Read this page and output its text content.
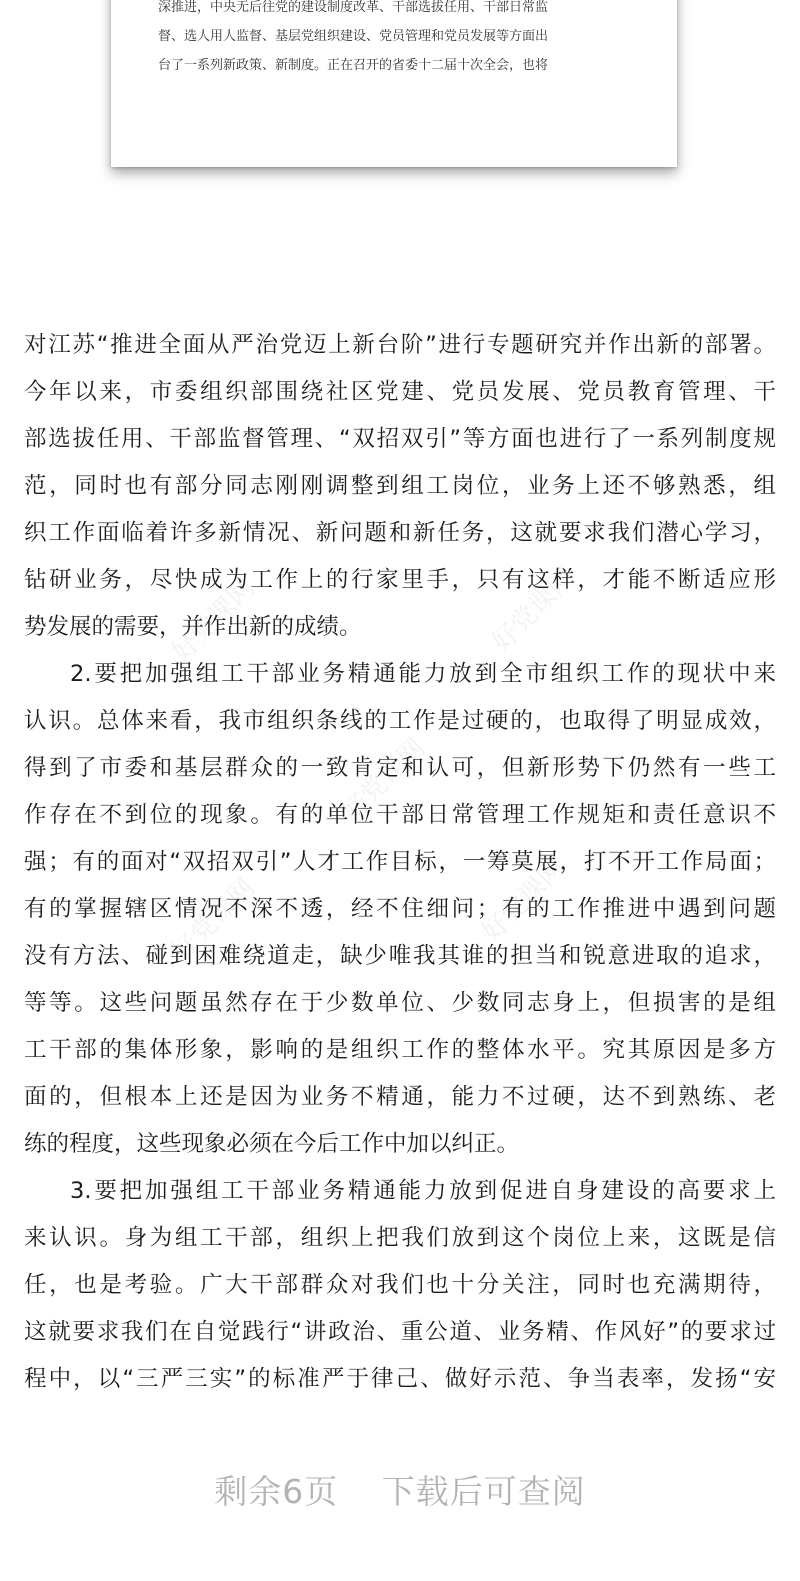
深推进，中央无后往党的建设制度改革、干部选拔任用、干部日常监
督、选人用人监督、基层党组织建设、党员管理和党员发展等方面出
台了一系列新政策、新制度。正在召开的省委十二届十次全会，也将
好党课网	好党课网
好党课网
好党课网	好党课网
对江苏“推进全面从严治党迈上新台阶”进行专题研究并作出新的部署。
今年以来，市委组织部围绕社区党建、党员发展、党员教育管理、干
部选拔任用、干部监督管理、“双招双引”等方面也进行了一系列制度规
范，同时也有部分同志刚刚调整到组工岗位，业务上还不够熟悉，组
织工作面临着许多新情况、新问题和新任务，这就要求我们潜心学习，
钻研业务，尽快成为工作上的行家里手，只有这样，才能不断适应形
势发展的需要，并作出新的成绩。
2.要把加强组工干部业务精通能力放到全市组织工作的现状中来
认识。总体来看，我市组织条线的工作是过硬的，也取得了明显成效，
得到了市委和基层群众的一致肯定和认可，但新形势下仍然有一些工
作存在不到位的现象。有的单位干部日常管理工作规矩和责任意识不
强；有的面对“双招双引”人才工作目标，一筹莫展，打不开工作局面；
有的掌握辖区情况不深不透，经不住细问；有的工作推进中遇到问题
没有方法、碰到困难绕道走，缺少唯我其谁的担当和锐意进取的追求，
等等。这些问题虽然存在于少数单位、少数同志身上，但损害的是组
工干部的集体形象，影响的是组织工作的整体水平。究其原因是多方
面的，但根本上还是因为业务不精通，能力不过硬，达不到熟练、老
练的程度，这些现象必须在今后工作中加以纠正。
3.要把加强组工干部业务精通能力放到促进自身建设的高要求上
来认识。身为组工干部，组织上把我们放到这个岗位上来，这既是信
任，也是考验。广大干部群众对我们也十分关注，同时也充满期待，
这就要求我们在自觉践行“讲政治、重公道、业务精、作风好”的要求过
程中，以“三严三实”的标准严于律己、做好示范、争当表率，发扬“安
剩余6页 下载后可查阅
